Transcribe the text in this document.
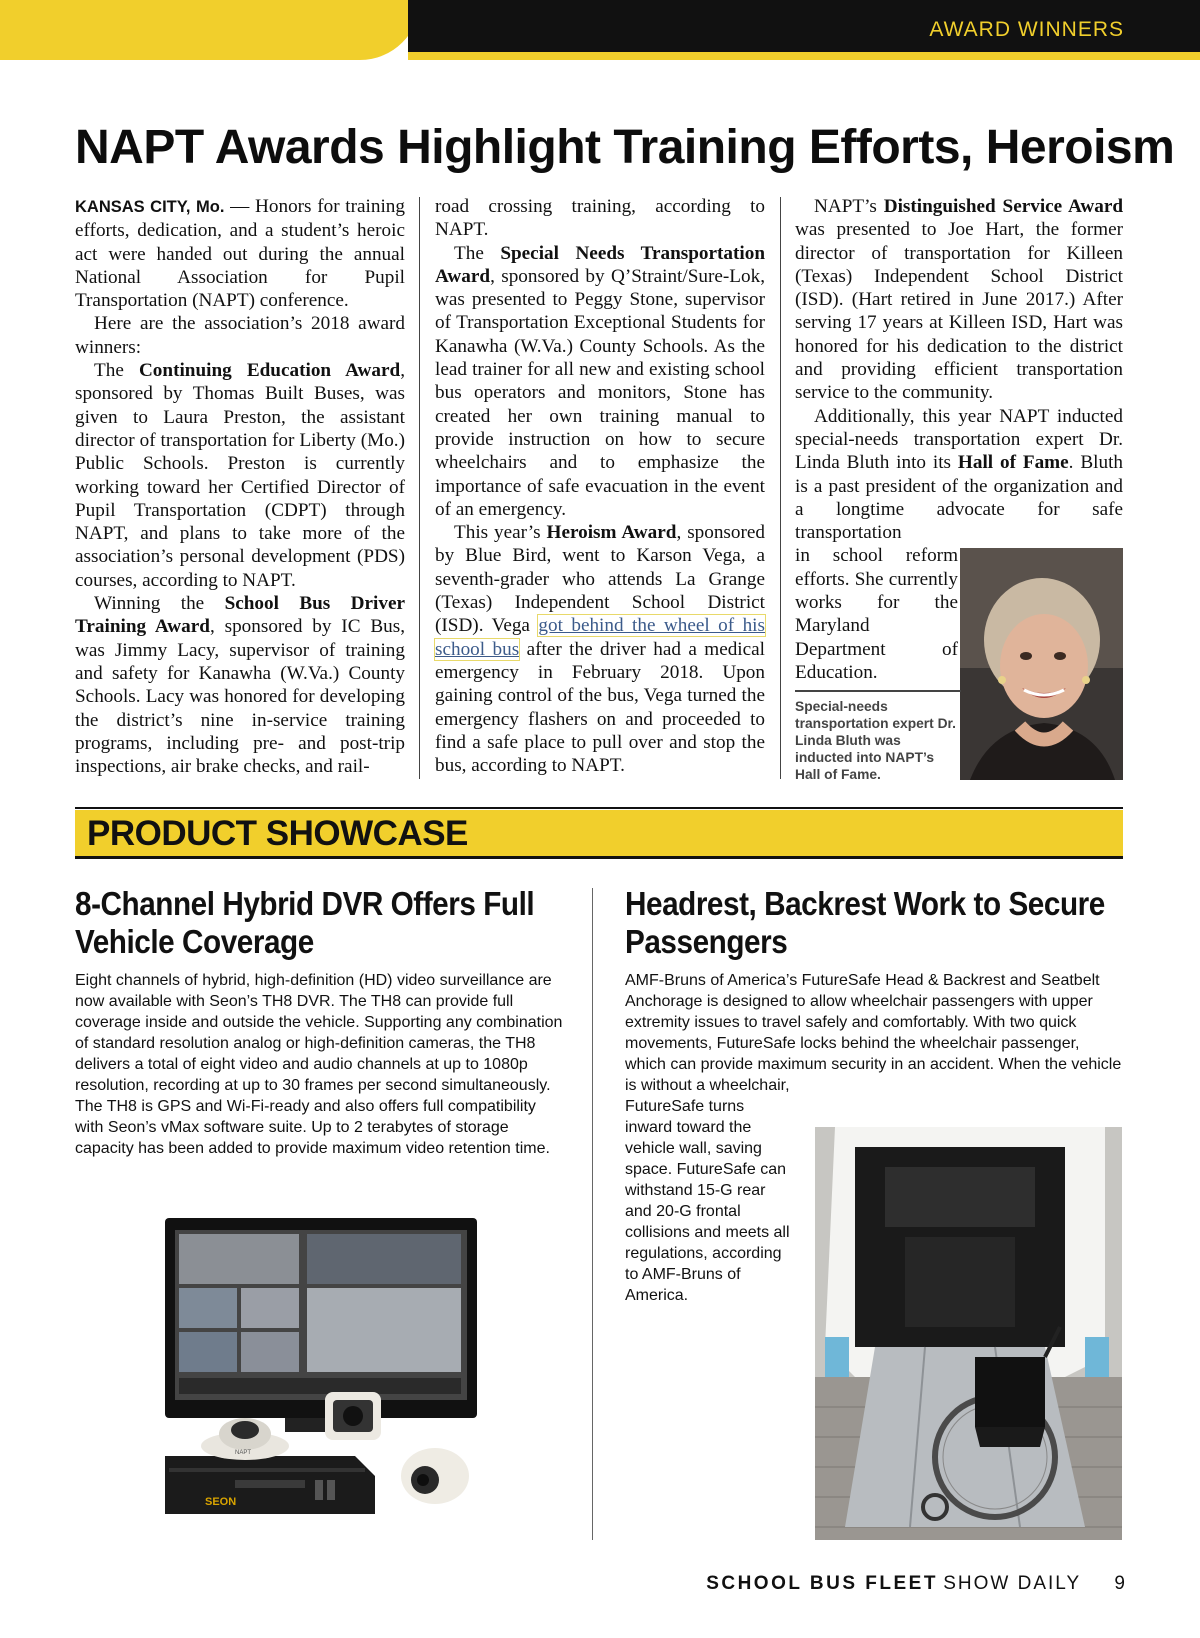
AWARD WINNERS
NAPT Awards Highlight Training Efforts, Heroism

KANSAS CITY, Mo. — Honors for training efforts, dedication, and a student’s heroic act were handed out during the annual National Association for Pupil Transportation (NAPT) conference.

Here are the association’s 2018 award winners:

The Continuing Education Award, sponsored by Thomas Built Buses, was given to Laura Preston, the assistant director of transportation for Liberty (Mo.) Public Schools. Preston is currently working toward her Certified Director of Pupil Transportation (CDPT) through NAPT, and plans to take more of the association’s personal development (PDS) courses, according to NAPT.

Winning the School Bus Driver Training Award, sponsored by IC Bus, was Jimmy Lacy, supervisor of training and safety for Kanawha (W.Va.) County Schools. Lacy was honored for developing the district’s nine in-service training programs, including pre- and post-trip inspections, air brake checks, and rail-

road crossing training, according to NAPT.

The Special Needs Transportation Award, sponsored by Q’Straint/Sure-Lok, was presented to Peggy Stone, supervisor of Transportation Exceptional Students for Kanawha (W.Va.) County Schools. As the lead trainer for all new and existing school bus operators and monitors, Stone has created her own training manual to provide instruction on how to secure wheelchairs and to emphasize the importance of safe evacuation in the event of an emergency.

This year’s Heroism Award, sponsored by Blue Bird, went to Karson Vega, a seventh-grader who attends La Grange (Texas) Independent School District (ISD). Vega got behind the wheel of his school bus after the driver had a medical emergency in February 2018. Upon gaining control of the bus, Vega turned the emergency flashers on and proceeded to find a safe place to pull over and stop the bus, according to NAPT.

NAPT’s Distinguished Service Award was presented to Joe Hart, the former director of transportation for Killeen (Texas) Independent School District (ISD). (Hart retired in June 2017.) After serving 17 years at Killeen ISD, Hart was honored for his dedication to the district and providing efficient transportation service to the community.

Additionally, this year NAPT inducted special-needs transportation expert Dr. Linda Bluth into its Hall of Fame. Bluth is a past president of the organization and a longtime advocate for safe transportation

in school reform efforts. She currently works for the Maryland Department of Education.
Special-needs transportation expert Dr. Linda Bluth was inducted into NAPT’s Hall of Fame.
PRODUCT SHOWCASE
8-Channel Hybrid DVR Offers Full Vehicle Coverage
Eight channels of hybrid, high-definition (HD) video surveillance are now available with Seon’s TH8 DVR. The TH8 can provide full coverage inside and outside the vehicle. Supporting any combination of standard resolution analog or high-definition cameras, the TH8 delivers a total of eight video and audio channels at up to 1080p resolution, recording at up to 30 frames per second simultaneously. The TH8 is GPS and Wi-Fi-ready and also offers full compatibility with Seon’s vMax software suite. Up to 2 terabytes of storage capacity has been added to provide maximum video retention time.
SEON
NAPT
Headrest, Backrest Work to Secure Passengers
AMF-Bruns of America’s FutureSafe Head & Backrest and Seatbelt Anchorage is designed to allow wheelchair passengers with upper extremity issues to travel safely and comfortably. With two quick movements, FutureSafe locks behind the wheelchair passenger, which can provide maximum security in an accident. When the vehicle is without a wheelchair,
FutureSafe turns inward toward the vehicle wall, saving space. FutureSafe can withstand 15-G rear and 20-G frontal collisions and meets all regulations, according to AMF-Bruns of America.
SCHOOL BUS FLEET SHOW DAILY 9
